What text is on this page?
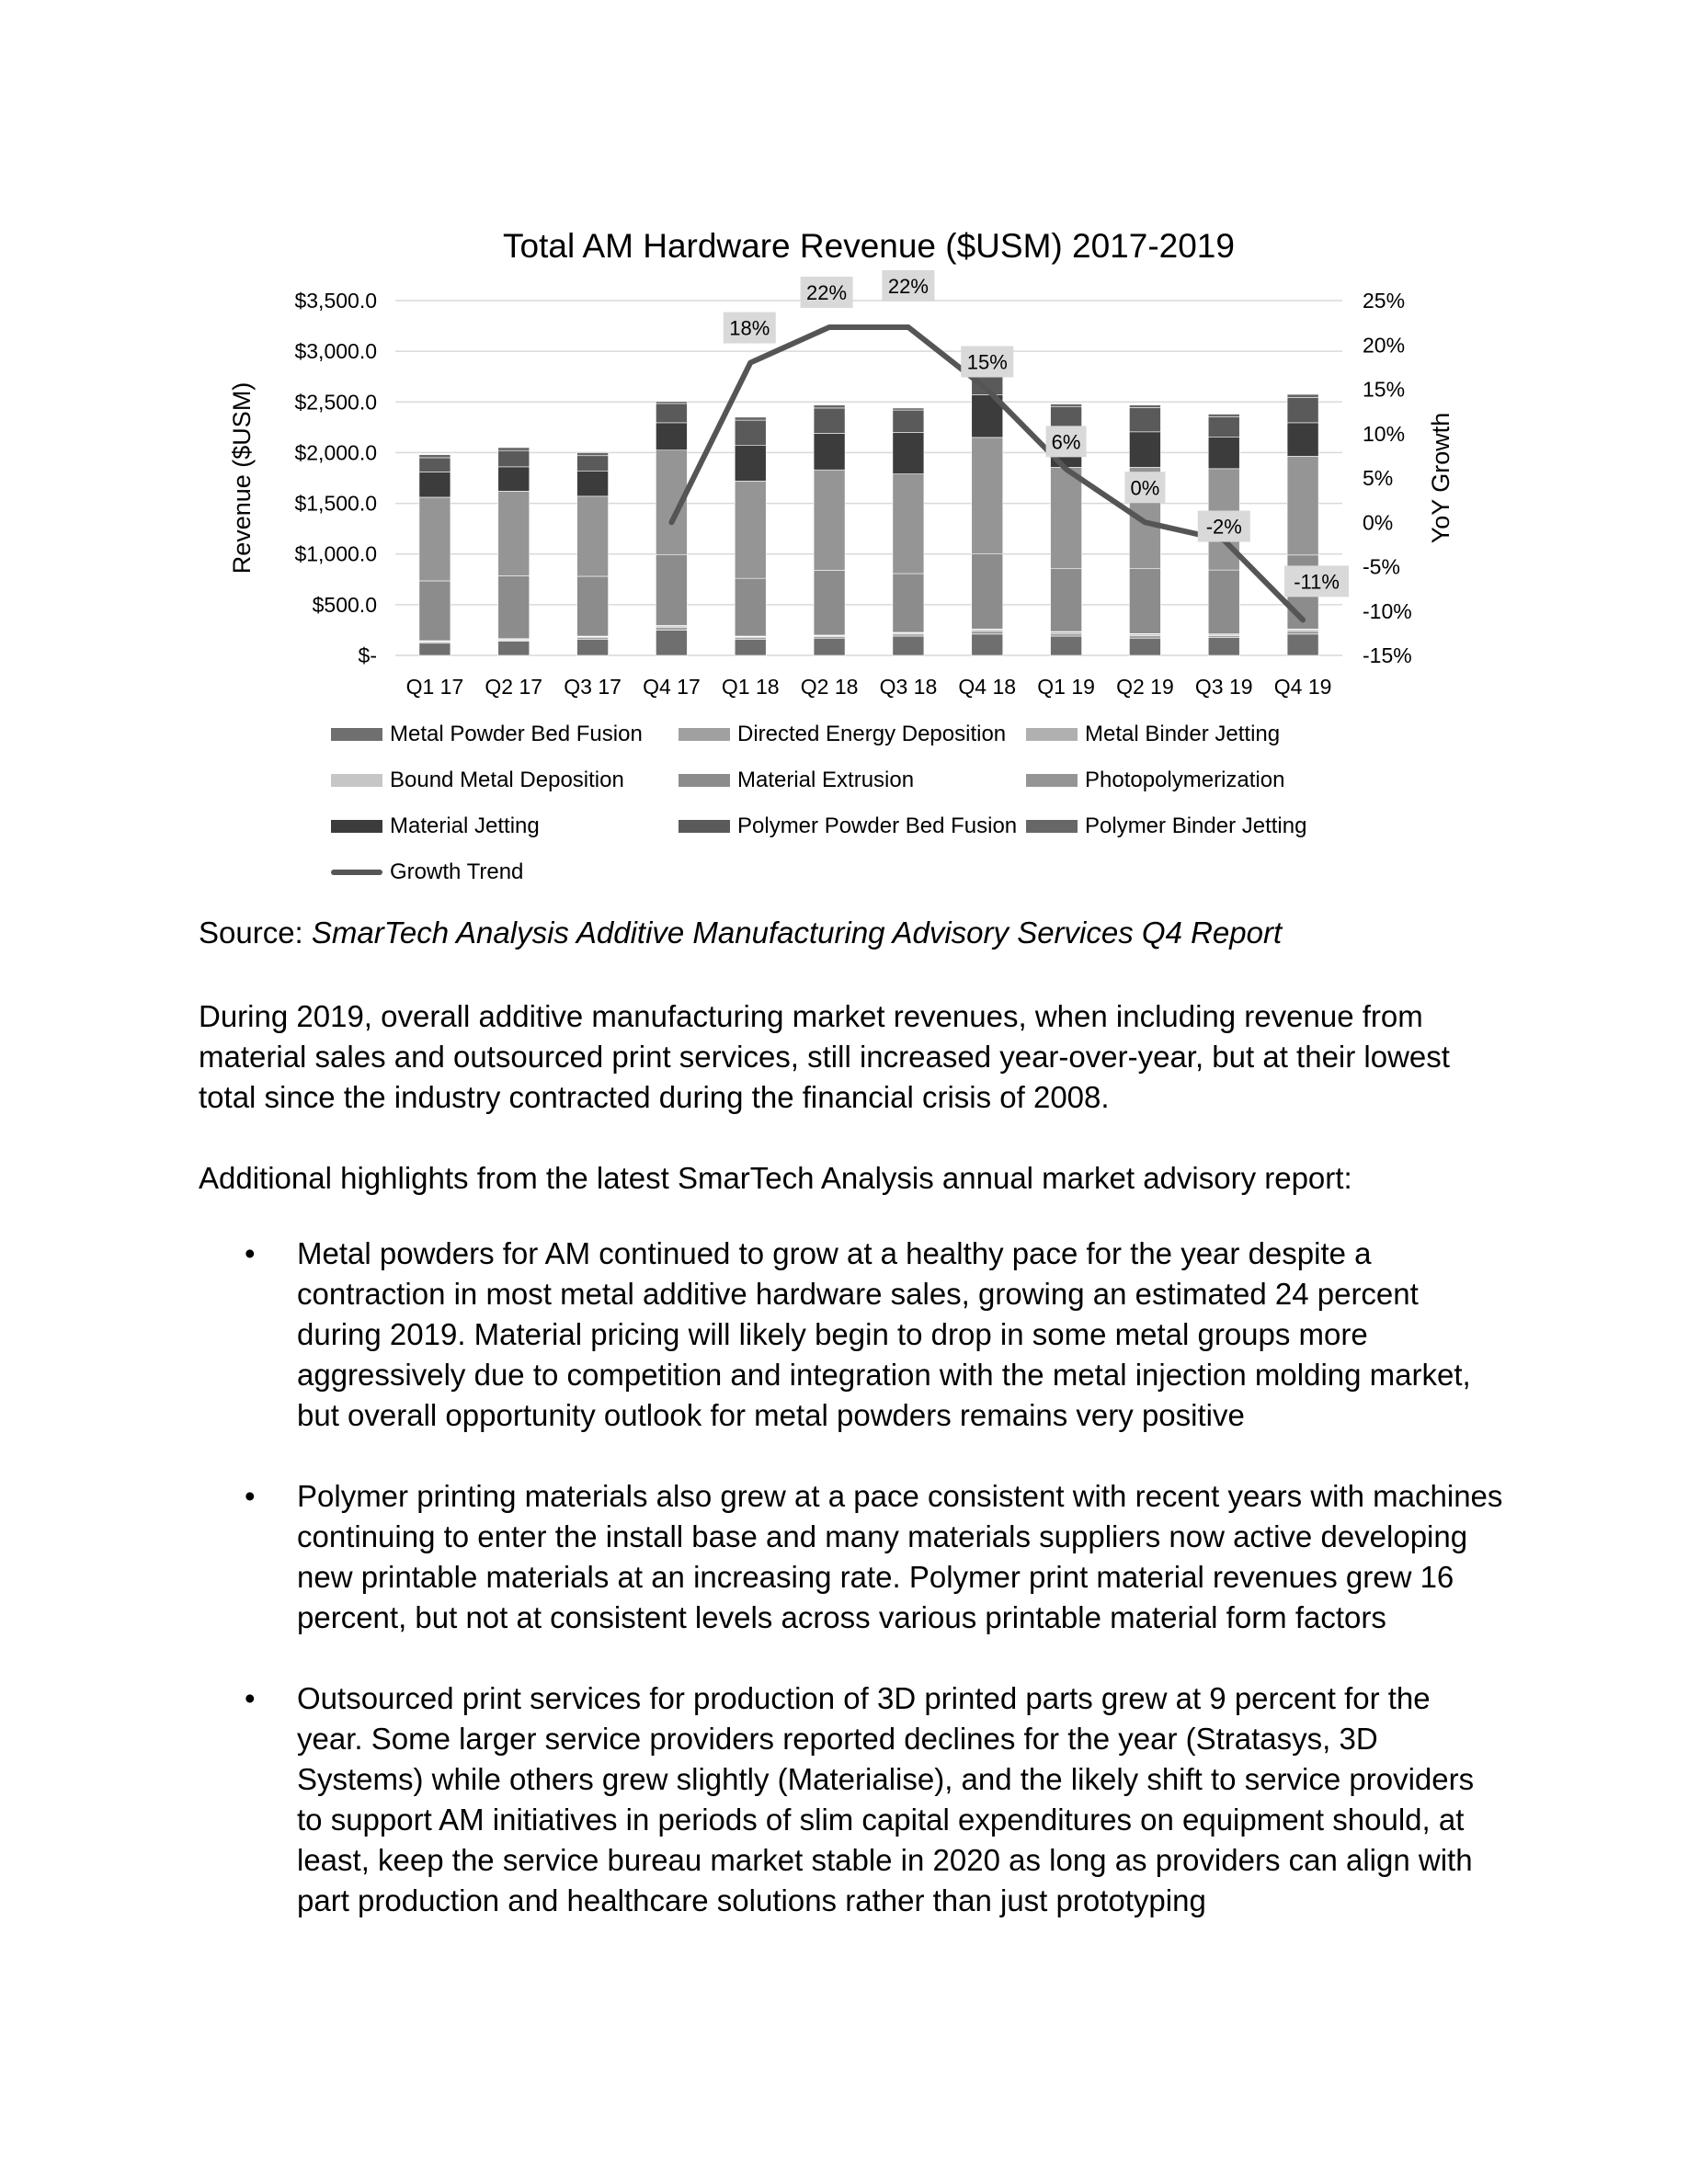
Total AM Hardware Revenue ($USM) 2017-2019
$3,500.0
$3,000.0
$2,500.0
$2,000.0
$1,500.0
$1,000.0
$500.0
$-
25%
20%
15%
10%
5%
0%
-5%
-10%
-15%
Revenue ($USM)	YoY Growth
Q1 17 Q2 17 Q3 17 Q4 17 Q1 18 Q2 18 Q3 18 Q4 18 Q1 19 Q2 19 Q3 19 Q4 19
18%
22% 22%
15%
6%
0%
-2%
-11%
Metal Powder Bed Fusion	Directed Energy Deposition	Metal Binder Jetting
Bound Metal Deposition	Material Extrusion	Photopolymerization
Material Jetting	Polymer Powder Bed Fusion	Polymer Binder Jetting
Growth Trend
Source: SmarTech Analysis Additive Manufacturing Advisory Services Q4 Report

During 2019, overall additive manufacturing market revenues, when including revenue from material sales and outsourced print services, still increased year-over-year, but at their lowest total since the industry contracted during the financial crisis of 2008.

Additional highlights from the latest SmarTech Analysis annual market advisory report:

• Metal powders for AM continued to grow at a healthy pace for the year despite a contraction in most metal additive hardware sales, growing an estimated 24 percent during 2019. Material pricing will likely begin to drop in some metal groups more aggressively due to competition and integration with the metal injection molding market, but overall opportunity outlook for metal powders remains very positive
• Polymer printing materials also grew at a pace consistent with recent years with machines continuing to enter the install base and many materials suppliers now active developing new printable materials at an increasing rate. Polymer print material revenues grew 16 percent, but not at consistent levels across various printable material form factors
• Outsourced print services for production of 3D printed parts grew at 9 percent for the year. Some larger service providers reported declines for the year (Stratasys, 3D Systems) while others grew slightly (Materialise), and the likely shift to service providers to support AM initiatives in periods of slim capital expenditures on equipment should, at least, keep the service bureau market stable in 2020 as long as providers can align with part production and healthcare solutions rather than just prototyping
